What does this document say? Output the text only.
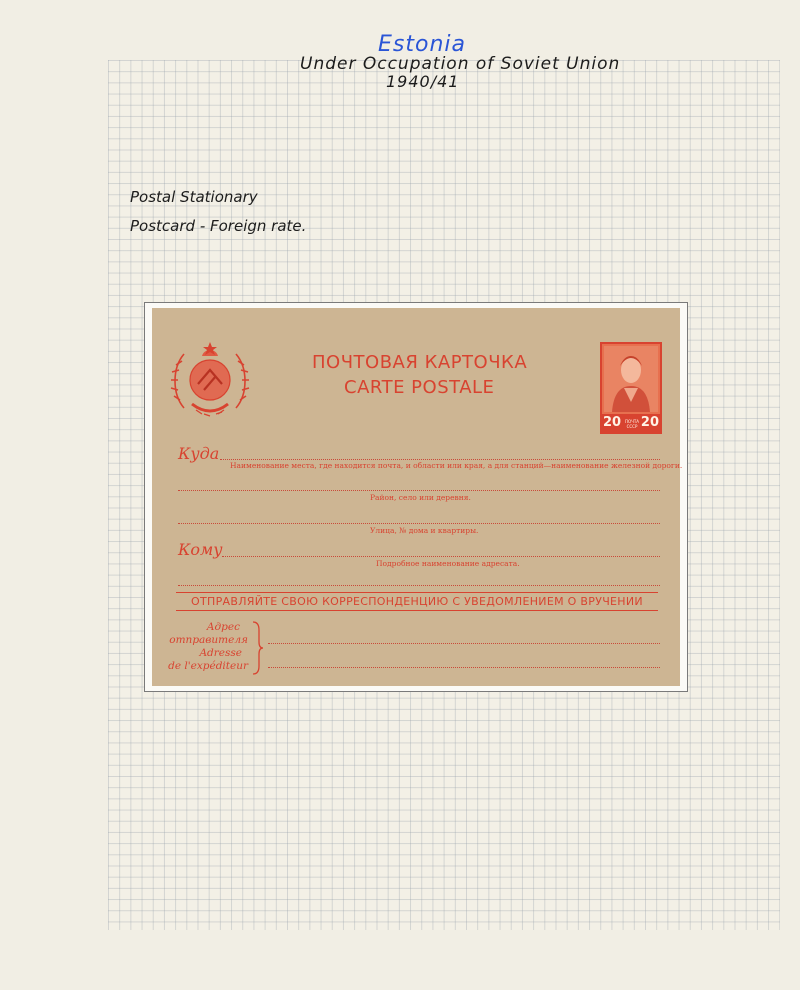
Estonia
Under Occupation of Soviet Union
1940/41
Postal Stationary
Postcard - Foreign rate.
ПОЧТОВАЯ КАРТОЧКА
CARTE POSTALE
20 ПОЧТА СССР 20
Куда
Наименование места, где находится почта, и области или края, а для станций—наименование железной дороги.
Район, село или деревня.
Улица, № дома и квартиры.
Кому
Подробное наименование адресата.
ОТПРАВЛЯЙТЕ СВОЮ КОРРЕСПОНДЕНЦИЮ С УВЕДОМЛЕНИЕМ О ВРУЧЕНИИ
Адрес
отправителя
Adresse
de l'expéditeur
